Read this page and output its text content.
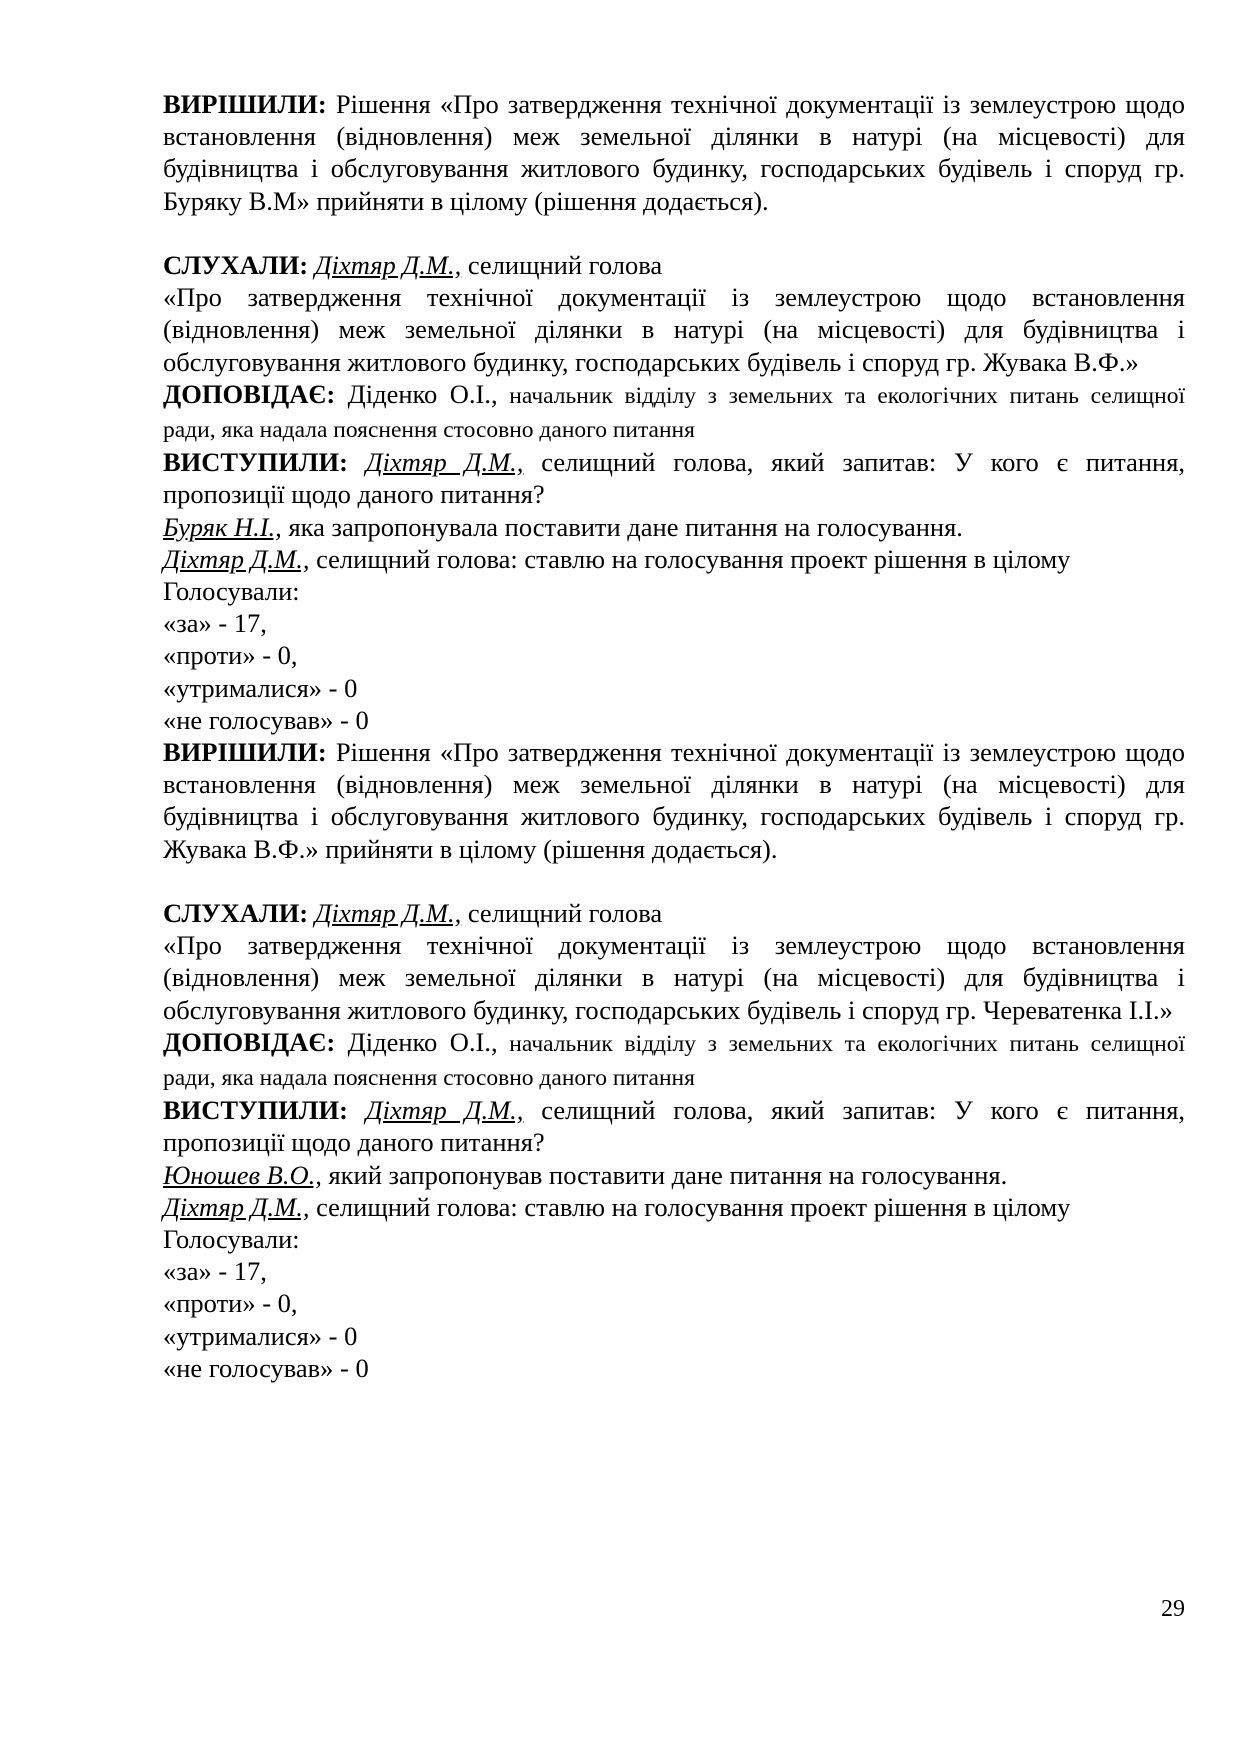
ВИРІШИЛИ: Рішення «Про затвердження технічної документації із землеустрою щодо встановлення (відновлення) меж земельної ділянки в натурі (на місцевості) для будівництва і обслуговування житлового будинку, господарських будівель і споруд гр. Буряку В.М» прийняти в цілому (рішення додається).

СЛУХАЛИ: Діхтяр Д.М., селищний голова

«Про затвердження технічної документації із землеустрою щодо встановлення (відновлення) меж земельної ділянки в натурі (на місцевості) для будівництва і обслуговування житлового будинку, господарських будівель і споруд гр. Жувака В.Ф.»

ДОПОВІДАЄ: Діденко О.І., начальник відділу з земельних та екологічних питань селищної ради, яка надала пояснення стосовно даного питання

ВИСТУПИЛИ: Діхтяр Д.М., селищний голова, який запитав: У кого є питання, пропозиції щодо даного питання?

Буряк Н.І., яка запропонувала поставити дане питання на голосування.

Діхтяр Д.М., селищний голова: ставлю на голосування проект рішення в цілому

Голосували:

«за» - 17,

«проти» - 0,

«утрималися» - 0

«не голосував» - 0

ВИРІШИЛИ: Рішення «Про затвердження технічної документації із землеустрою щодо встановлення (відновлення) меж земельної ділянки в натурі (на місцевості) для будівництва і обслуговування житлового будинку, господарських будівель і споруд гр. Жувака В.Ф.» прийняти в цілому (рішення додається).

СЛУХАЛИ: Діхтяр Д.М., селищний голова

«Про затвердження технічної документації із землеустрою щодо встановлення (відновлення) меж земельної ділянки в натурі (на місцевості) для будівництва і обслуговування житлового будинку, господарських будівель і споруд гр. Череватенка І.І.»

ДОПОВІДАЄ: Діденко О.І., начальник відділу з земельних та екологічних питань селищної ради, яка надала пояснення стосовно даного питання

ВИСТУПИЛИ: Діхтяр Д.М., селищний голова, який запитав: У кого є питання, пропозиції щодо даного питання?

Юношев В.О., який запропонував поставити дане питання на голосування.

Діхтяр Д.М., селищний голова: ставлю на голосування проект рішення в цілому

Голосували:

«за» - 17,

«проти» - 0,

«утрималися» - 0

«не голосував» - 0

29
